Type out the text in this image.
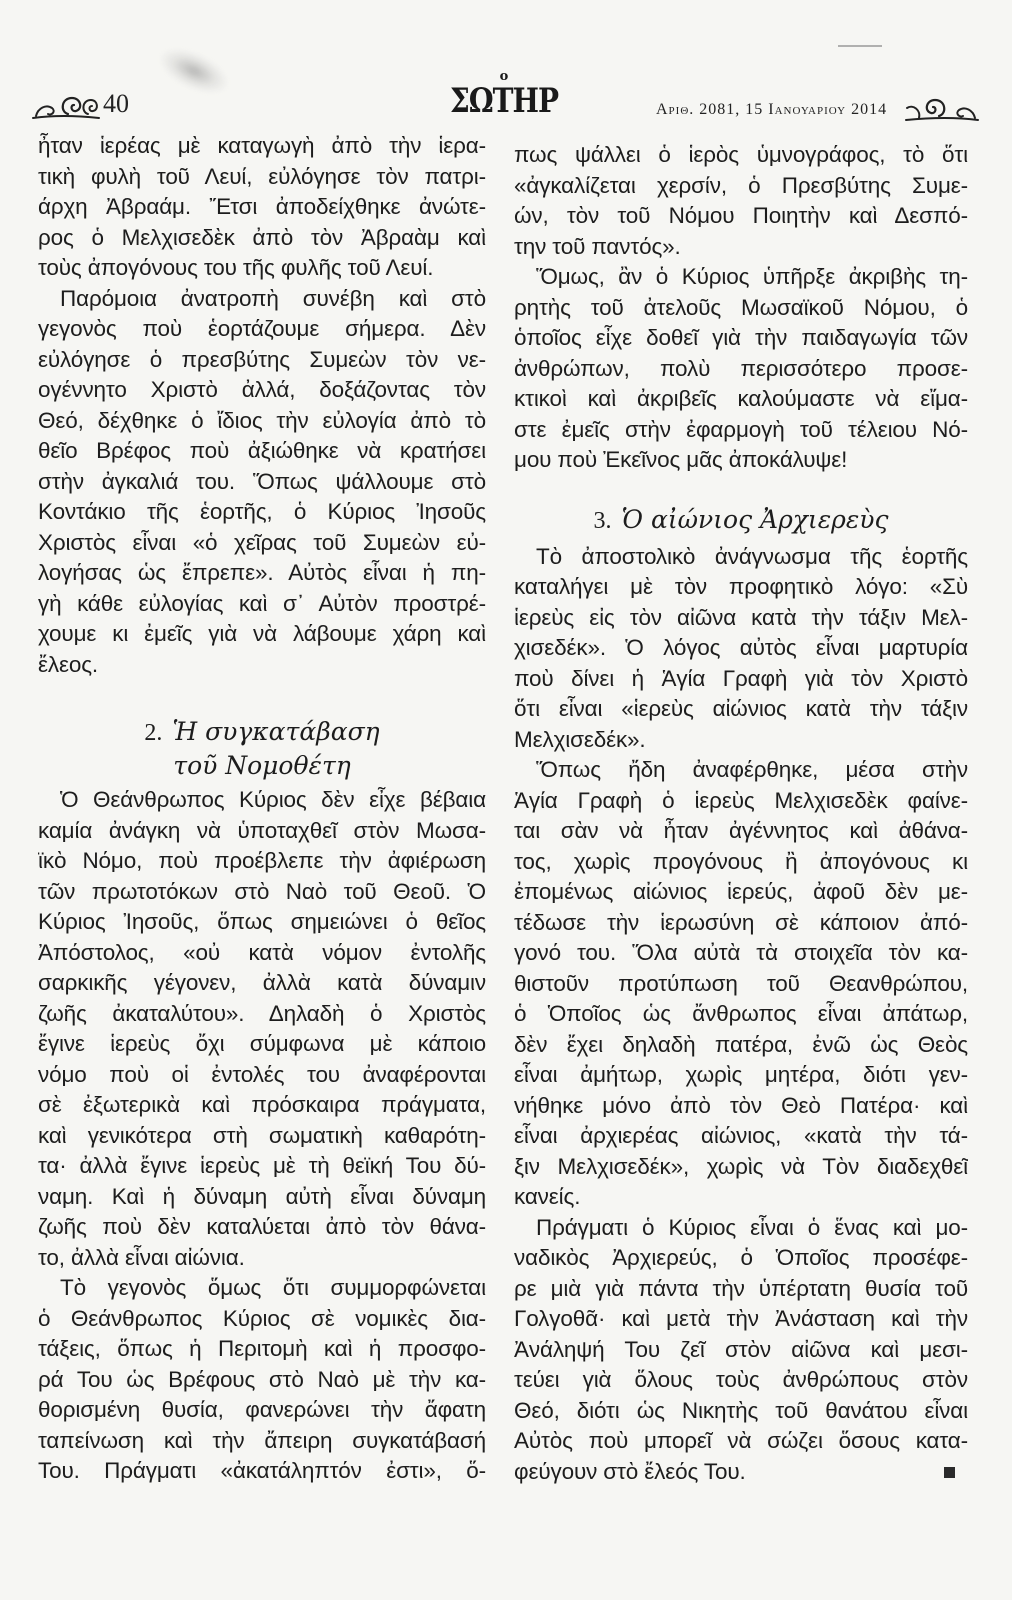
40
ο
ΣΩΤΗΡ	Αριθ. 2081, 15 Ιανουαριου 2014
ἦταν ἱερέας μὲ καταγωγὴ ἀπὸ τὴν ἱερα-
τικὴ φυλὴ τοῦ Λευί, εὐλόγησε τὸν πατρι-
άρχη Ἀβραάμ. Ἔτσι ἀποδείχθηκε ἀνώτε-
ρος ὁ Μελχισεδὲκ ἀπὸ τὸν Ἀβραὰμ καὶ
τοὺς ἀπογόνους του τῆς φυλῆς τοῦ Λευί.
Παρόμοια ἀνατροπὴ συνέβη καὶ στὸ
γεγονὸς ποὺ ἑορτάζουμε σήμερα. Δὲν
εὐλόγησε ὁ πρεσβύτης Συμεὼν τὸν νε-
ογέννητο Χριστὸ ἀλλά, δοξάζοντας τὸν
Θεό, δέχθηκε ὁ ἴδιος τὴν εὐλογία ἀπὸ τὸ
θεῖο Βρέφος ποὺ ἀξιώθηκε νὰ κρατήσει
στὴν ἀγκαλιά του. Ὅπως ψάλλουμε στὸ
Κοντάκιο τῆς ἑορτῆς, ὁ Κύριος Ἰησοῦς
Χριστὸς εἶναι «ὁ χεῖρας τοῦ Συμεὼν εὐ-
λογήσας ὡς ἔπρεπε». Αὐτὸς εἶναι ἡ πη-
γὴ κάθε εὐλογίας καὶ σ᾽ Αὐτὸν προστρέ-
χουμε κι ἐμεῖς γιὰ νὰ λάβουμε χάρη καὶ
ἔλεος.
2. Ἡ συγκατάβαση
τοῦ Νομοθέτη
Ὁ Θεάνθρωπος Κύριος δὲν εἶχε βέβαια
καμία ἀνάγκη νὰ ὑποταχθεῖ στὸν Μωσα-
ϊκὸ Νόμο, ποὺ προέβλεπε τὴν ἀφιέρωση
τῶν πρωτοτόκων στὸ Ναὸ τοῦ Θεοῦ. Ὁ
Κύριος Ἰησοῦς, ὅπως σημειώνει ὁ θεῖος
Ἀπόστολος, «οὐ κατὰ νόμον ἐντολῆς
σαρκικῆς γέγονεν, ἀλλὰ κατὰ δύναμιν
ζωῆς ἀκαταλύτου». Δηλαδὴ ὁ Χριστὸς
ἔγινε ἱερεὺς ὄχι σύμφωνα μὲ κάποιο
νόμο ποὺ οἱ ἐντολές του ἀναφέρονται
σὲ ἐξωτερικὰ καὶ πρόσκαιρα πράγματα,
καὶ γενικότερα στὴ σωματικὴ καθαρότη-
τα· ἀλλὰ ἔγινε ἱερεὺς μὲ τὴ θεϊκή Του δύ-
ναμη. Καὶ ἡ δύναμη αὐτὴ εἶναι δύναμη
ζωῆς ποὺ δὲν καταλύεται ἀπὸ τὸν θάνα-
το, ἀλλὰ εἶναι αἰώνια.
Τὸ γεγονὸς ὅμως ὅτι συμμορφώνεται
ὁ Θεάνθρωπος Κύριος σὲ νομικὲς δια-
τάξεις, ὅπως ἡ Περιτομὴ καὶ ἡ προσφο-
ρά Του ὡς Βρέφους στὸ Ναὸ μὲ τὴν κα-
θορισμένη θυσία, φανερώνει τὴν ἄφατη
ταπείνωση καὶ τὴν ἄπειρη συγκατάβασή
Του. Πράγματι «ἀκατάληπτόν ἐστι», ὅ-
πως ψάλλει ὁ ἱερὸς ὑμνογράφος, τὸ ὅτι
«ἀγκαλίζεται χερσίν, ὁ Πρεσβύτης Συμε-
ών, τὸν τοῦ Νόμου Ποιητὴν καὶ Δεσπό-
την τοῦ παντός».
Ὅμως, ἂν ὁ Κύριος ὑπῆρξε ἀκριβὴς τη-
ρητὴς τοῦ ἀτελοῦς Μωσαϊκοῦ Νόμου, ὁ
ὁποῖος εἶχε δοθεῖ γιὰ τὴν παιδαγωγία τῶν
ἀνθρώπων, πολὺ περισσότερο προσε-
κτικοὶ καὶ ἀκριβεῖς καλούμαστε νὰ εἴμα-
στε ἐμεῖς στὴν ἐφαρμογὴ τοῦ τέλειου Νό-
μου ποὺ Ἐκεῖνος μᾶς ἀποκάλυψε!
3. Ὁ αἰώνιος Ἀρχιερεὺς
Τὸ ἀποστολικὸ ἀνάγνωσμα τῆς ἑορτῆς
καταλήγει μὲ τὸν προφητικὸ λόγο: «Σὺ
ἱερεὺς εἰς τὸν αἰῶνα κατὰ τὴν τάξιν Μελ-
χισεδέκ». Ὁ λόγος αὐτὸς εἶναι μαρτυρία
ποὺ δίνει ἡ Ἁγία Γραφὴ γιὰ τὸν Χριστὸ
ὅτι εἶναι «ἱερεὺς αἰώνιος κατὰ τὴν τάξιν
Μελχισεδέκ».
Ὅπως ἤδη ἀναφέρθηκε, μέσα στὴν
Ἁγία Γραφὴ ὁ ἱερεὺς Μελχισεδὲκ φαίνε-
ται σὰν νὰ ἦταν ἀγέννητος καὶ ἀθάνα-
τος, χωρὶς προγόνους ἢ ἀπογόνους κι
ἐπομένως αἰώνιος ἱερεύς, ἀφοῦ δὲν με-
τέδωσε τὴν ἱερωσύνη σὲ κάποιον ἀπό-
γονό του. Ὅλα αὐτὰ τὰ στοιχεῖα τὸν κα-
θιστοῦν προτύπωση τοῦ Θεανθρώπου,
ὁ Ὁποῖος ὡς ἄνθρωπος εἶναι ἀπάτωρ,
δὲν ἔχει δηλαδὴ πατέρα, ἐνῶ ὡς Θεὸς
εἶναι ἀμήτωρ, χωρὶς μητέρα, διότι γεν-
νήθηκε μόνο ἀπὸ τὸν Θεὸ Πατέρα· καὶ
εἶναι ἀρχιερέας αἰώνιος, «κατὰ τὴν τά-
ξιν Μελχισεδέκ», χωρὶς νὰ Τὸν διαδεχθεῖ
κανείς.
Πράγματι ὁ Κύριος εἶναι ὁ ἕνας καὶ μο-
ναδικὸς Ἀρχιερεύς, ὁ Ὁποῖος προσέφε-
ρε μιὰ γιὰ πάντα τὴν ὑπέρτατη θυσία τοῦ
Γολγοθᾶ· καὶ μετὰ τὴν Ἀνάσταση καὶ τὴν
Ἀνάληψή Του ζεῖ στὸν αἰῶνα καὶ μεσι-
τεύει γιὰ ὅλους τοὺς ἀνθρώπους στὸν
Θεό, διότι ὡς Νικητὴς τοῦ θανάτου εἶναι
Αὐτὸς ποὺ μπορεῖ νὰ σώζει ὅσους κατα-
φεύγουν στὸ ἔλεός Του.
